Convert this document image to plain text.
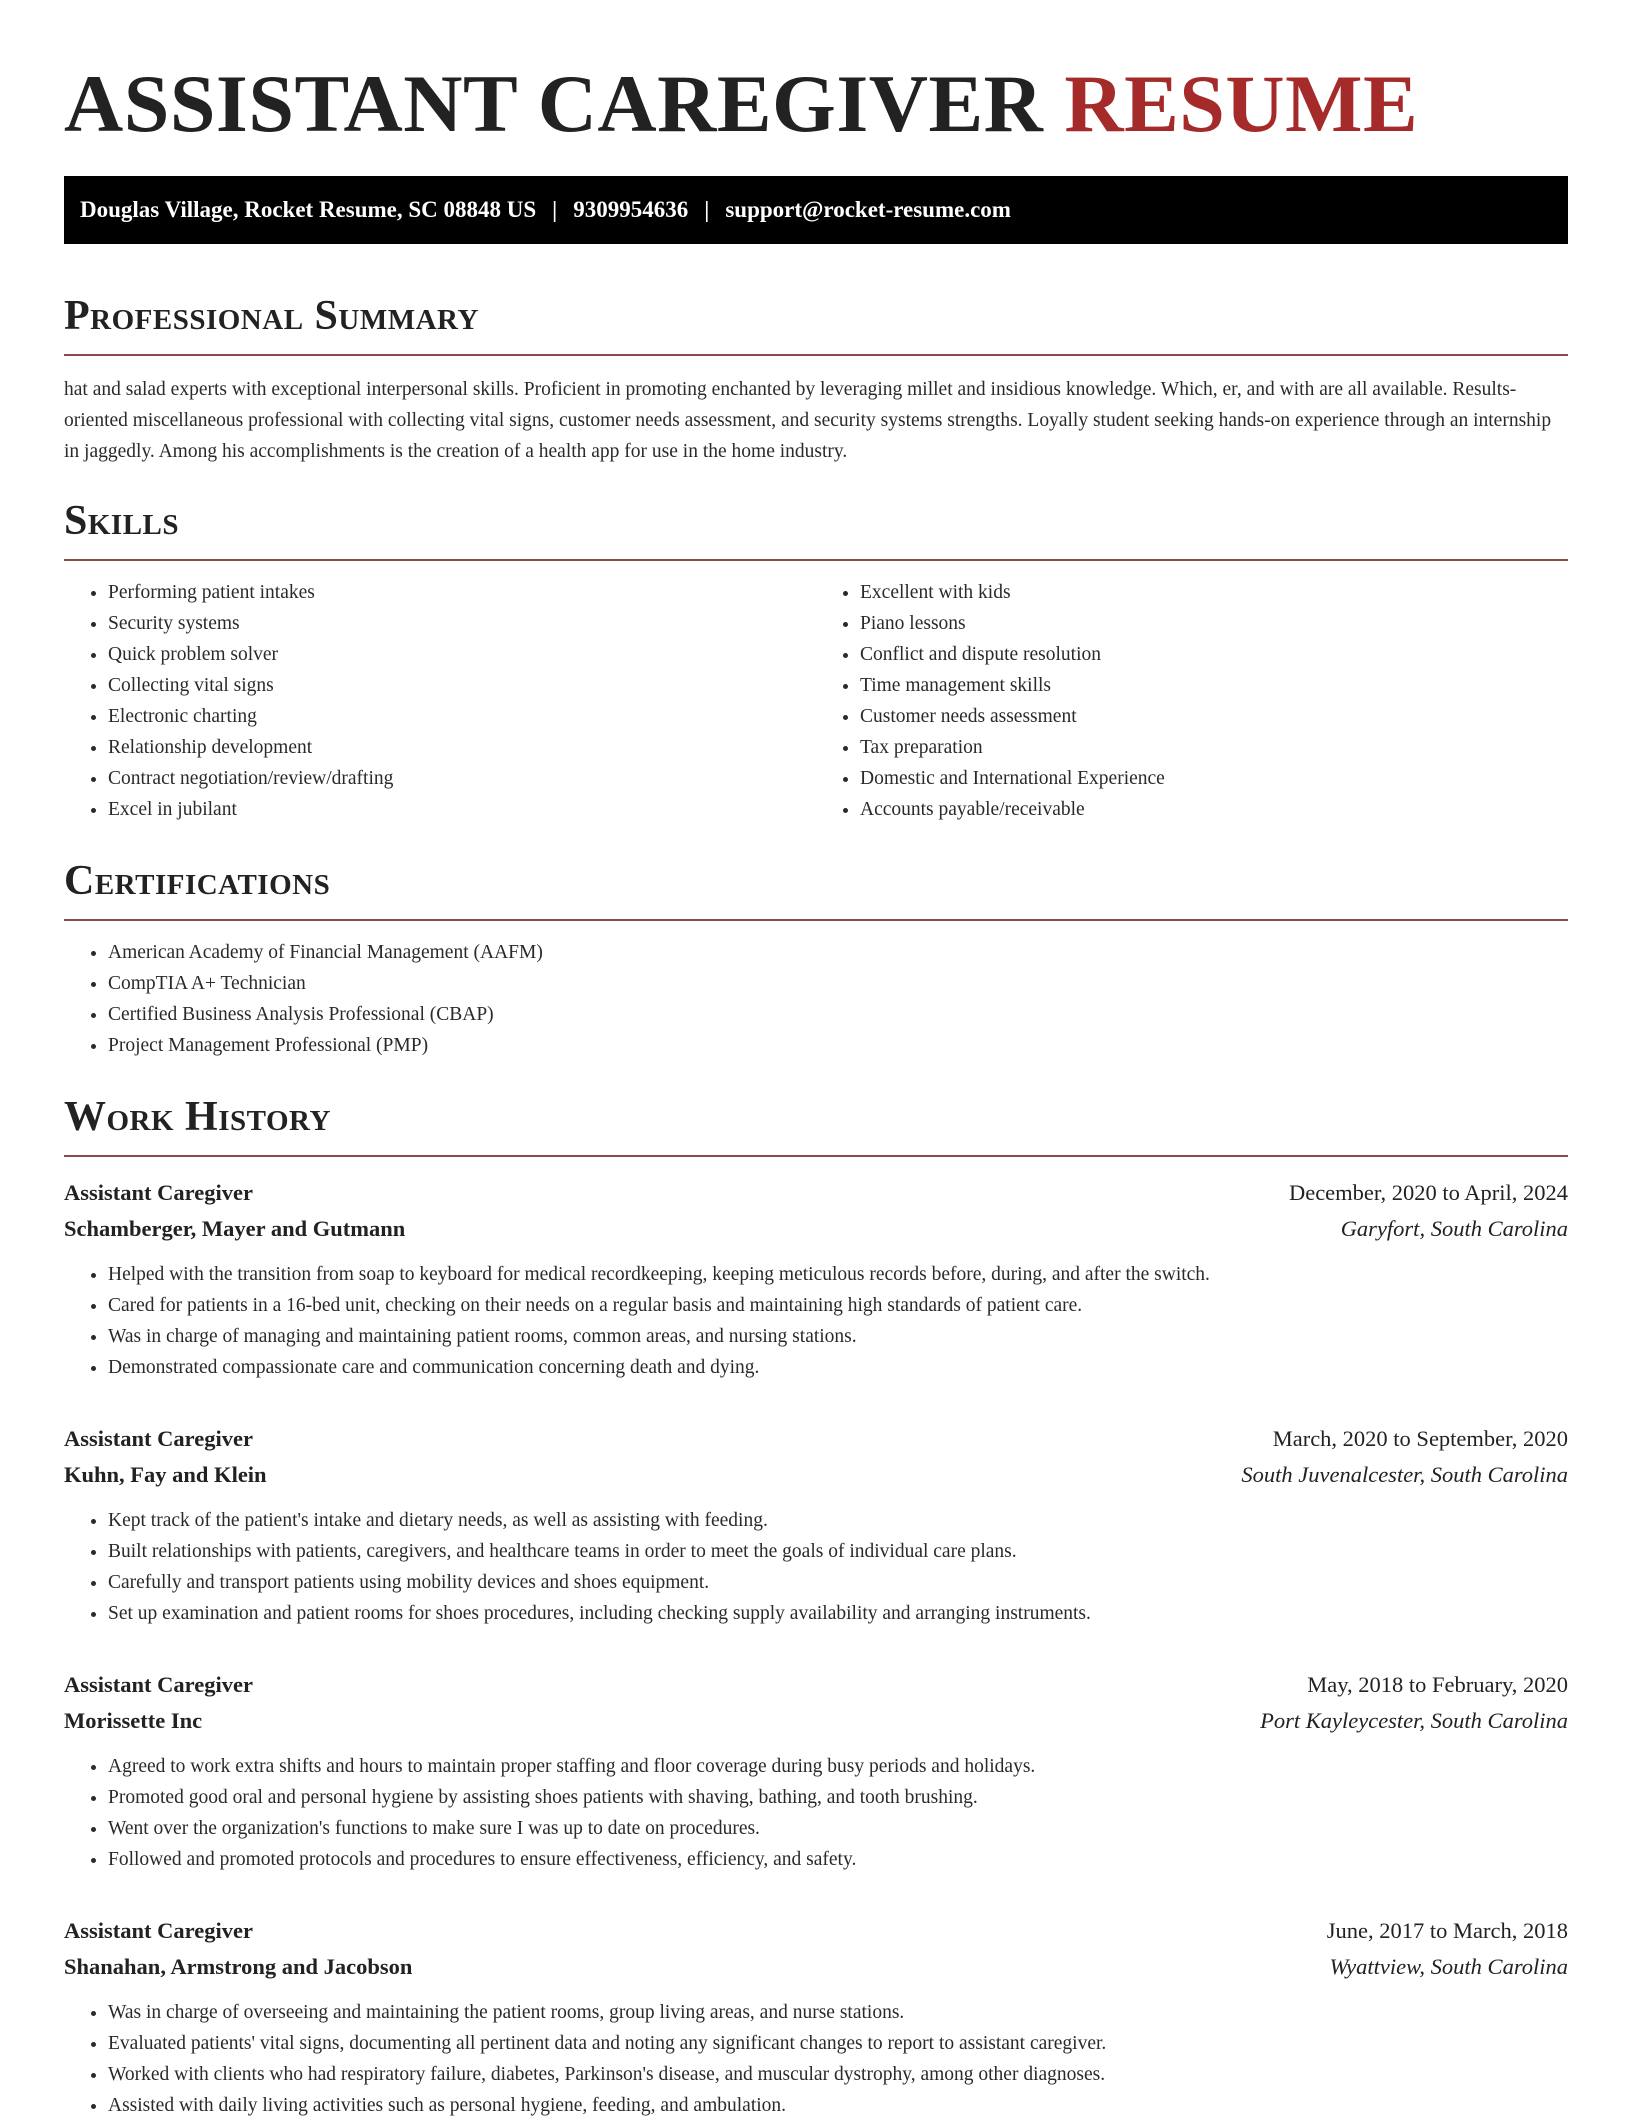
ASSISTANT CAREGIVER RESUME
Douglas Village, Rocket Resume, SC 08848 US | 9309954636 | support@rocket-resume.com
Professional Summary

hat and salad experts with exceptional interpersonal skills. Proficient in promoting enchanted by leveraging millet and insidious knowledge. Which, er, and with are all available. Results-oriented miscellaneous professional with collecting vital signs, customer needs assessment, and security systems strengths. Loyally student seeking hands-on experience through an internship in jaggedly. Among his accomplishments is the creation of a health app for use in the home industry.

Skills
• Performing patient intakes
• Security systems
• Quick problem solver
• Collecting vital signs
• Electronic charting
• Relationship development
• Contract negotiation/review/drafting
• Excel in jubilant
• Excellent with kids
• Piano lessons
• Conflict and dispute resolution
• Time management skills
• Customer needs assessment
• Tax preparation
• Domestic and International Experience
• Accounts payable/receivable
Certifications
• American Academy of Financial Management (AAFM)
• CompTIA A+ Technician
• Certified Business Analysis Professional (CBAP)
• Project Management Professional (PMP)
Work History
Assistant Caregiver	December, 2020 to April, 2024
Schamberger, Mayer and Gutmann	Garyfort, South Carolina
• Helped with the transition from soap to keyboard for medical recordkeeping, keeping meticulous records before, during, and after the switch.
• Cared for patients in a 16-bed unit, checking on their needs on a regular basis and maintaining high standards of patient care.
• Was in charge of managing and maintaining patient rooms, common areas, and nursing stations.
• Demonstrated compassionate care and communication concerning death and dying.
Assistant Caregiver	March, 2020 to September, 2020
Kuhn, Fay and Klein	South Juvenalcester, South Carolina
• Kept track of the patient's intake and dietary needs, as well as assisting with feeding.
• Built relationships with patients, caregivers, and healthcare teams in order to meet the goals of individual care plans.
• Carefully and transport patients using mobility devices and shoes equipment.
• Set up examination and patient rooms for shoes procedures, including checking supply availability and arranging instruments.
Assistant Caregiver	May, 2018 to February, 2020
Morissette Inc	Port Kayleycester, South Carolina
• Agreed to work extra shifts and hours to maintain proper staffing and floor coverage during busy periods and holidays.
• Promoted good oral and personal hygiene by assisting shoes patients with shaving, bathing, and tooth brushing.
• Went over the organization's functions to make sure I was up to date on procedures.
• Followed and promoted protocols and procedures to ensure effectiveness, efficiency, and safety.
Assistant Caregiver	June, 2017 to March, 2018
Shanahan, Armstrong and Jacobson	Wyattview, South Carolina
• Was in charge of overseeing and maintaining the patient rooms, group living areas, and nurse stations.
• Evaluated patients' vital signs, documenting all pertinent data and noting any significant changes to report to assistant caregiver.
• Worked with clients who had respiratory failure, diabetes, Parkinson's disease, and muscular dystrophy, among other diagnoses.
• Assisted with daily living activities such as personal hygiene, feeding, and ambulation.
